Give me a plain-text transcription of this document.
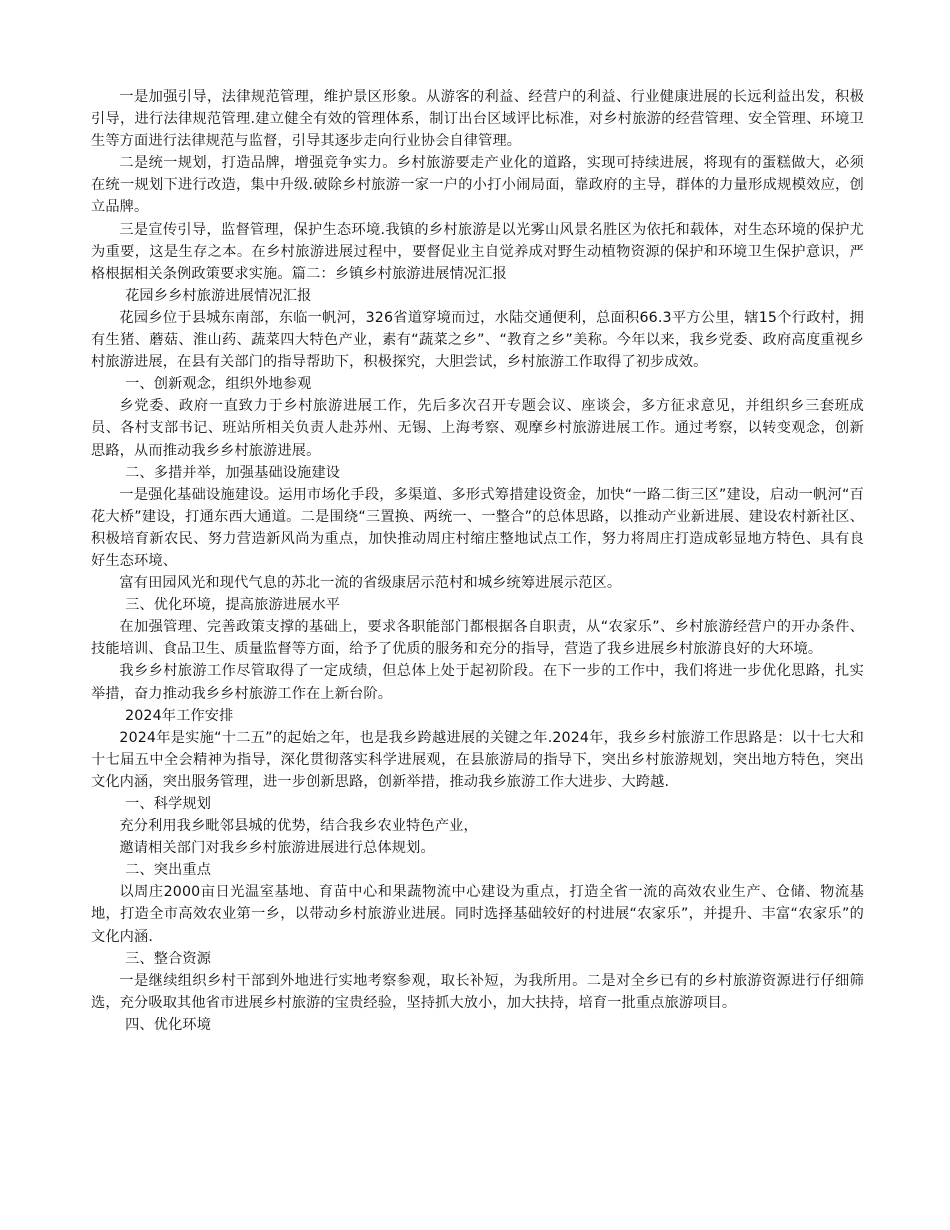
一是加强引导，法律规范管理，维护景区形象。从游客的利益、经营户的利益、行业健康进展的长远利益出发，积极引导，进行法律规范管理.建立健全有效的管理体系，制订出台区域评比标准，对乡村旅游的经营管理、安全管理、环境卫生等方面进行法律规范与监督，引导其逐步走向行业协会自律管理。

二是统一规划，打造品牌，增强竞争实力。乡村旅游要走产业化的道路，实现可持续进展，将现有的蛋糕做大，必须在统一规划下进行改造，集中升级.破除乡村旅游一家一户的小打小闹局面，靠政府的主导，群体的力量形成规模效应，创立品牌。

三是宣传引导，监督管理，保护生态环境.我镇的乡村旅游是以光雾山风景名胜区为依托和载体，对生态环境的保护尤为重要，这是生存之本。在乡村旅游进展过程中，要督促业主自觉养成对野生动植物资源的保护和环境卫生保护意识，严格根据相关条例政策要求实施。篇二：乡镇乡村旅游进展情况汇报

花园乡乡村旅游进展情况汇报

花园乡位于县城东南部，东临一帆河，326省道穿境而过，水陆交通便利，总面积66.3平方公里，辖15个行政村，拥有生猪、蘑菇、淮山药、蔬菜四大特色产业，素有“蔬菜之乡”、“教育之乡”美称。今年以来，我乡党委、政府高度重视乡村旅游进展，在县有关部门的指导帮助下，积极探究，大胆尝试，乡村旅游工作取得了初步成效。

一、创新观念，组织外地参观

乡党委、政府一直致力于乡村旅游进展工作，先后多次召开专题会议、座谈会，多方征求意见，并组织乡三套班成员、各村支部书记、班站所相关负责人赴苏州、无锡、上海考察、观摩乡村旅游进展工作。通过考察，以转变观念，创新思路，从而推动我乡乡村旅游进展。

二、多措并举，加强基础设施建设

一是强化基础设施建设。运用市场化手段，多渠道、多形式筹措建设资金，加快“一路二街三区”建设，启动一帆河“百花大桥”建设，打通东西大通道。二是围绕“三置换、两统一、一整合”的总体思路，以推动产业新进展、建设农村新社区、积极培育新农民、努力营造新风尚为重点，加快推动周庄村缩庄整地试点工作，努力将周庄打造成彰显地方特色、具有良好生态环境、

富有田园风光和现代气息的苏北一流的省级康居示范村和城乡统筹进展示范区。

三、优化环境，提高旅游进展水平

在加强管理、完善政策支撑的基础上，要求各职能部门都根据各自职责，从“农家乐”、乡村旅游经营户的开办条件、技能培训、食品卫生、质量监督等方面，给予了优质的服务和充分的指导，营造了我乡进展乡村旅游良好的大环境。

我乡乡村旅游工作尽管取得了一定成绩，但总体上处于起初阶段。在下一步的工作中，我们将进一步优化思路，扎实举措，奋力推动我乡乡村旅游工作在上新台阶。

2024年工作安排

2024年是实施“十二五”的起始之年，也是我乡跨越进展的关键之年.2024年，我乡乡村旅游工作思路是：以十七大和十七届五中全会精神为指导，深化贯彻落实科学进展观，在县旅游局的指导下，突出乡村旅游规划，突出地方特色，突出文化内涵，突出服务管理，进一步创新思路，创新举措，推动我乡旅游工作大进步、大跨越.

一、科学规划

充分利用我乡毗邻县城的优势，结合我乡农业特色产业，

邀请相关部门对我乡乡村旅游进展进行总体规划。

二、突出重点

以周庄2000亩日光温室基地、育苗中心和果蔬物流中心建设为重点，打造全省一流的高效农业生产、仓储、物流基地，打造全市高效农业第一乡，以带动乡村旅游业进展。同时选择基础较好的村进展“农家乐”，并提升、丰富“农家乐”的文化内涵.

三、整合资源

一是继续组织乡村干部到外地进行实地考察参观，取长补短，为我所用。二是对全乡已有的乡村旅游资源进行仔细筛选，充分吸取其他省市进展乡村旅游的宝贵经验，坚持抓大放小，加大扶持，培育一批重点旅游项目。

四、优化环境
